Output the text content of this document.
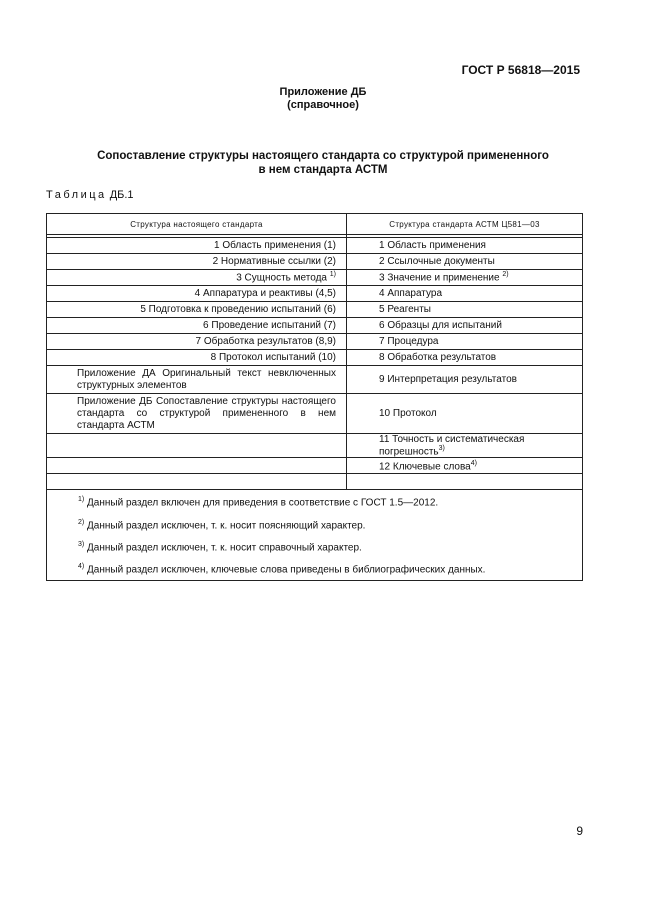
ГОСТ Р 56818—2015
Приложение ДБ
(справочное)
Сопоставление структуры настоящего стандарта со структурой примененного
в нем стандарта АСТМ
Таблица ДБ.1
Структура настоящего стандарта	Структура стандарта АСТМ Ц581—03

1 Область применения (1)	1 Область применения
2 Нормативные ссылки (2)	2 Ссылочные документы
3 Сущность метода $^{1)}$	3 Значение и применение $^{2)}$
4 Аппаратура и реактивы (4,5)	4 Аппаратура
5 Подготовка к проведению испытаний (6)	5 Реагенты
6 Проведение испытаний (7)	6 Образцы для испытаний
7 Обработка результатов (8,9)	7 Процедура
8 Протокол испытаний (10)	8 Обработка результатов
Приложение ДА Оригинальный текст невключенных структурных элементов	9 Интерпретация результатов
Приложение ДБ Сопоставление структуры настоящего стандарта со структурой примененного в нем стандарта АСТМ	10 Протокол
	11 Точность и систематическая погрешность$^{3)}$
	12 Ключевые слова$^{4)}$

$^{1)}$ Данный раздел включен для приведения в соответствие с ГОСТ 1.5—2012.

$^{2)}$ Данный раздел исключен, т. к. носит поясняющий характер.

$^{3)}$ Данный раздел исключен, т. к. носит справочный характер.

$^{4)}$ Данный раздел исключен, ключевые слова приведены в библиографических данных.	

9
